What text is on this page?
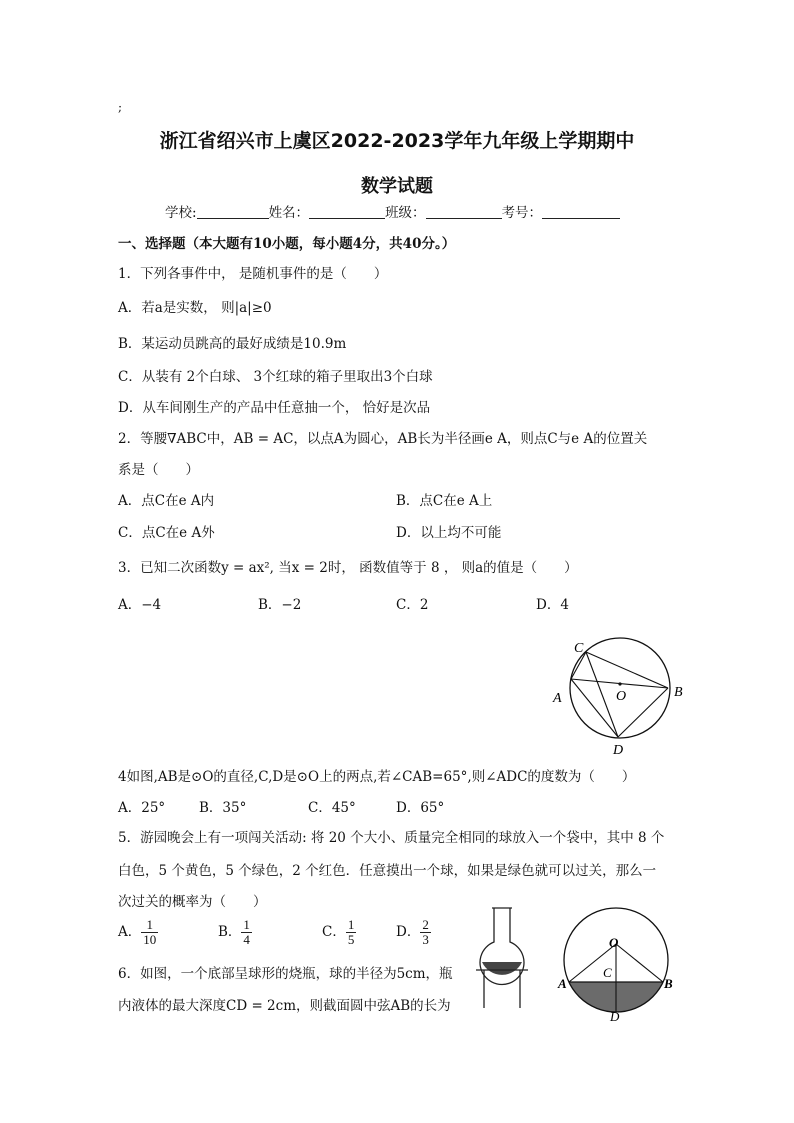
;
浙江省绍兴市上虞区2022-2023学年九年级上学期期中
数学试题
学校:	姓名：	班级：	考号：
一、选择题（本大题有10小题，每小题4分，共40分。）
1．下列各事件中， 是随机事件的是（　　）
A．若a是实数， 则|a|≥0
B．某运动员跳高的最好成绩是10.9m
C．从装有 2个白球、 3个红球的箱子里取出3个白球
D．从车间刚生产的产品中任意抽一个， 恰好是次品
2．等腰∇ABC中，AB = AC，以点A为圆心，AB长为半径画e A，则点C与e A的位置关
系是（　　）
A．点C在e A内	B．点C在e A上
C．点C在e A外	D．以上均不可能
3．已知二次函数y = ax², 当x = 2时， 函数值等于 8 ， 则a的值是（　　）
A．−4	B．−2	C．2	D．4
C
A	O	B
D
4如图,AB是⊙O的直径,C,D是⊙O上的两点,若∠CAB=65°,则∠ADC的度数为（　　）
A．25°	B．35°	C．45°	D．65°
5．游园晚会上有一项闯关活动: 将 20 个大小、质量完全相同的球放入一个袋中，其中 8 个
白色，5 个黄色，5 个绿色，2 个红色．任意摸出一个球，如果是绿色就可以过关，那么一
次过关的概率为（　　）
A． $\frac{1}{10}$	B． $\frac{1}{4}$	C． $\frac{1}{5}$	D． $\frac{2}{3}$
6．如图，一个底部呈球形的烧瓶，球的半径为5cm，瓶
内液体的最大深度CD = 2cm，则截面圆中弦AB的长为
O
C
A	B
D
